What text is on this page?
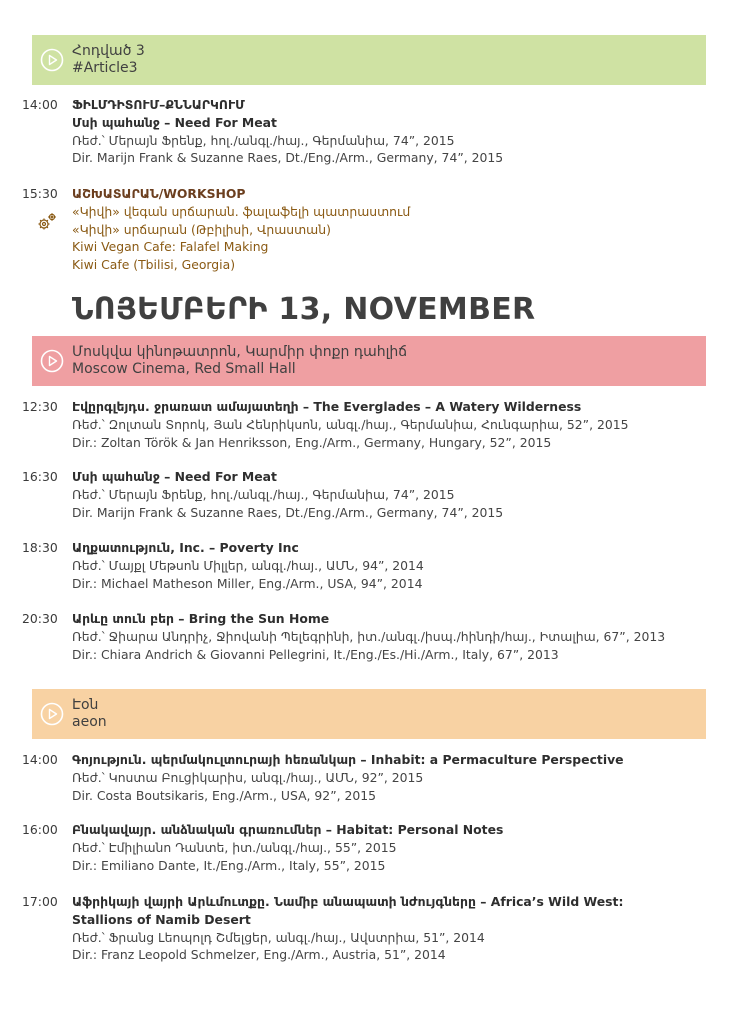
Հոդված 3
#Article3
14:00	ՖԻԼՄԴԻՏՈՒՄ–ՔՆՆԱՐԿՈՒՄ
Մսի պահանջ – Need For Meat
Ռեժ.՝ Մերայն Ֆրենք, հոլ./անգլ./հայ., Գերմանիա, 74”, 2015
Dir. Marijn Frank & Suzanne Raes, Dt./Eng./Arm., Germany, 74”, 2015
15:30	ԱՇԽԱՏԱՐԱՆ/WORKSHOP
«Կիվի» վեգան սրճարան. ֆալաֆելի պատրաստում
«Կիվի» սրճարան (Թբիլիսի, Վրաստան)
Kiwi Vegan Cafe: Falafel Making
Kiwi Cafe (Tbilisi, Georgia)
ՆՈՅԵՄԲԵՐԻ 13, NOVEMBER
Մոսկվա կինոթատրոն, Կարմիր փոքր դահլիճ
Moscow Cinema, Red Small Hall
12:30	Էվըրգլեյդս. ջրառատ ամայատեղի – The Everglades – A Watery Wilderness
Ռեժ.՝ Զոլտան Տորոկ, Յան Հենրիկսոն, անգլ./հայ., Գերմանիա, Հունգարիա, 52”, 2015
Dir.: Zoltan Török & Jan Henriksson, Eng./Arm., Germany, Hungary, 52”, 2015
16:30	Մսի պահանջ – Need For Meat
Ռեժ.՝ Մերայն Ֆրենք, հոլ./անգլ./հայ., Գերմանիա, 74”, 2015
Dir. Marijn Frank & Suzanne Raes, Dt./Eng./Arm., Germany, 74”, 2015
18:30	Աղքատություն, Inc. – Poverty Inc
Ռեժ.՝ Մայքլ Մեթսոն Միլլեր, անգլ./հայ., ԱՄՆ, 94”, 2014
Dir.: Michael Matheson Miller, Eng./Arm., USA, 94”, 2014
20:30	Արևը տուն բեր – Bring the Sun Home
Ռեժ.՝ Ջիարա Անդրիչ, Ջիովանի Պելեգրինի, իտ./անգլ./իսպ./հինդի/հայ., Իտալիա, 67”, 2013
Dir.: Chiara Andrich & Giovanni Pellegrini, It./Eng./Es./Hi./Arm., Italy, 67”, 2013
Էօն
aeon
14:00	Գոյություն. պերմակուլտուրայի հեռանկար – Inhabit: a Permaculture Perspective
Ռեժ.՝ Կոստա Բուցիկարիս, անգլ./հայ., ԱՄՆ, 92”, 2015
Dir. Costa Boutsikaris, Eng./Arm., USA, 92”, 2015
16:00	Բնակավայր. անձնական գրառումներ – Habitat: Personal Notes
Ռեժ.՝ Էմիլիանո Դանտե, իտ./անգլ./հայ., 55”, 2015
Dir.: Emiliano Dante, It./Eng./Arm., Italy, 55”, 2015
17:00	Աֆրիկայի վայրի Արևմուտքը. Նամիբ անապատի նժույգները – Africa’s Wild West:
Stallions of Namib Desert
Ռեժ.՝ Ֆրանց Լեոպոլդ Շմելցեր, անգլ./հայ., Ավստրիա, 51”, 2014
Dir.: Franz Leopold Schmelzer, Eng./Arm., Austria, 51”, 2014
